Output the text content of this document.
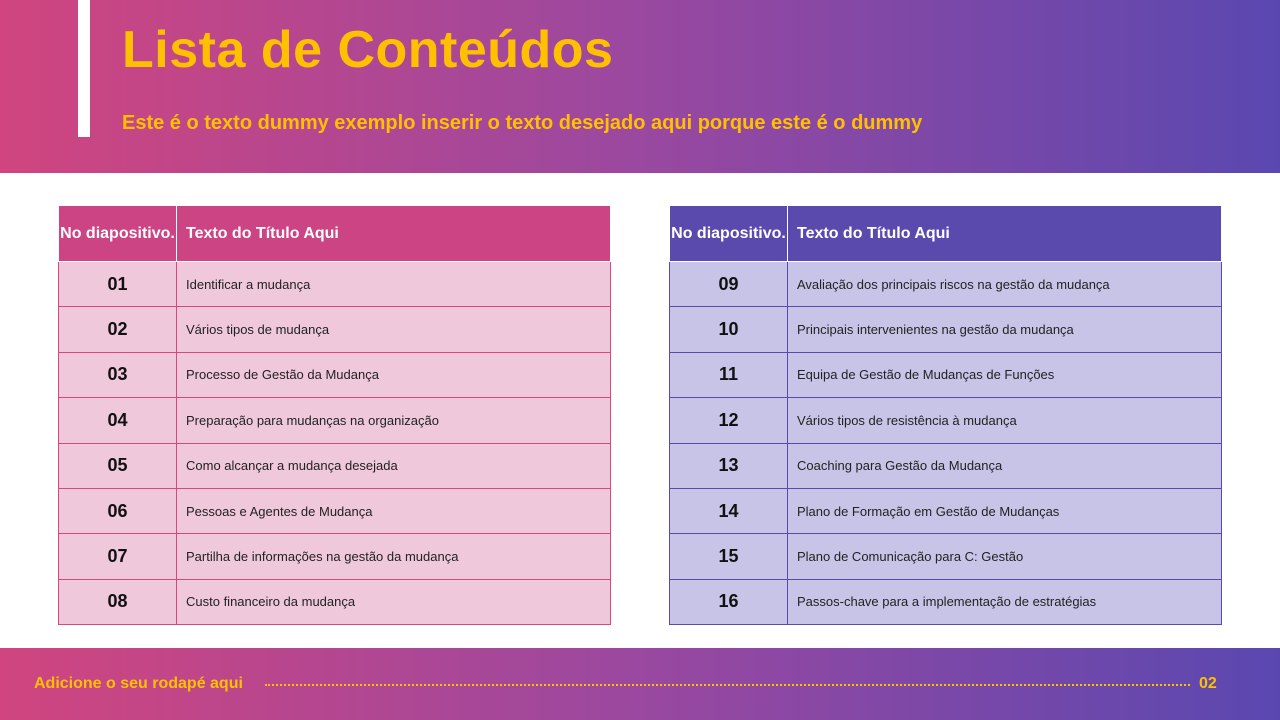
Lista de Conteúdos
Este é o texto dummy exemplo inserir o texto desejado aqui porque este é o dummy
No diapositivo.	Texto do Título Aqui
01	Identificar a mudança
02	Vários tipos de mudança
03	Processo de Gestão da Mudança
04	Preparação para mudanças na organização
05	Como alcançar a mudança desejada
06	Pessoas e Agentes de Mudança
07	Partilha de informações na gestão da mudança
08	Custo financeiro da mudança
No diapositivo.	Texto do Título Aqui
09	Avaliação dos principais riscos na gestão da mudança
10	Principais intervenientes na gestão da mudança
11	Equipa de Gestão de Mudanças de Funções
12	Vários tipos de resistência à mudança
13	Coaching para Gestão da Mudança
14	Plano de Formação em Gestão de Mudanças
15	Plano de Comunicação para C: Gestão
16	Passos-chave para a implementação de estratégias
Adicione o seu rodapé aqui	02
